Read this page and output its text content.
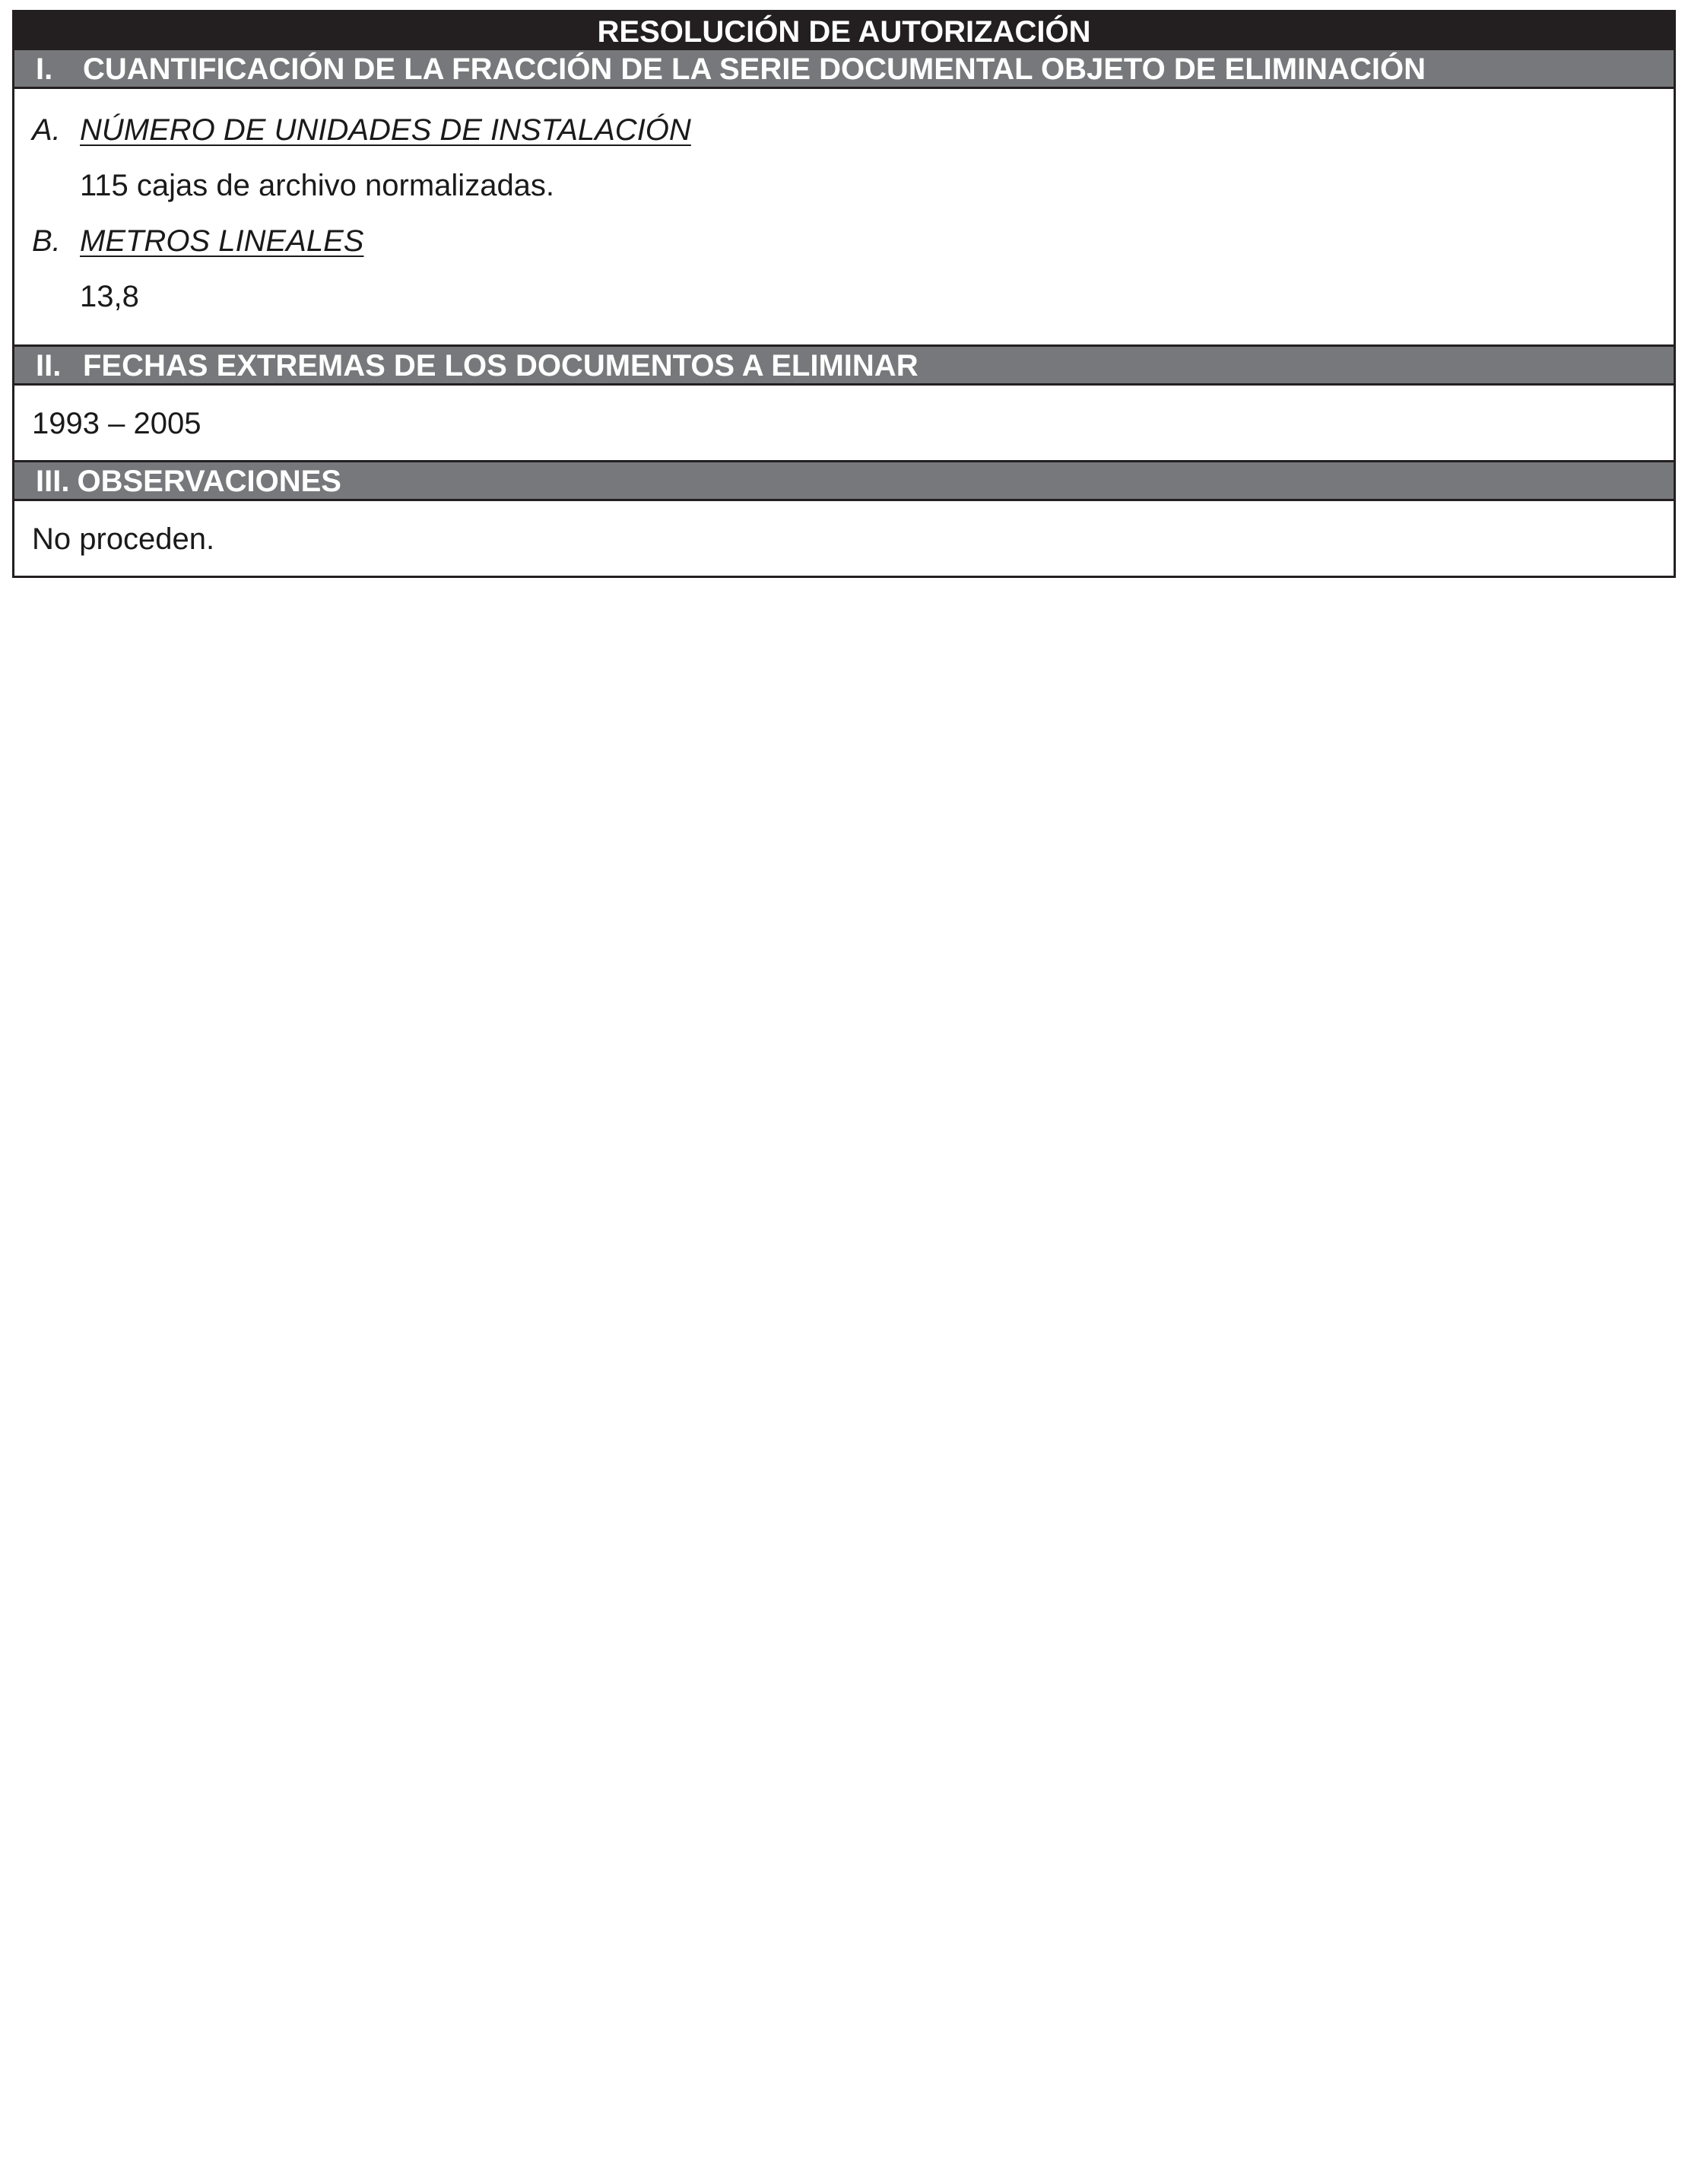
RESOLUCIÓN DE AUTORIZACIÓN
I. CUANTIFICACIÓN DE LA FRACCIÓN DE LA SERIE DOCUMENTAL OBJETO DE ELIMINACIÓN
A. NÚMERO DE UNIDADES DE INSTALACIÓN
115 cajas de archivo normalizadas.
B. METROS LINEALES
13,8
II. FECHAS EXTREMAS DE LOS DOCUMENTOS A ELIMINAR
1993 – 2005
III. OBSERVACIONES
No proceden.
